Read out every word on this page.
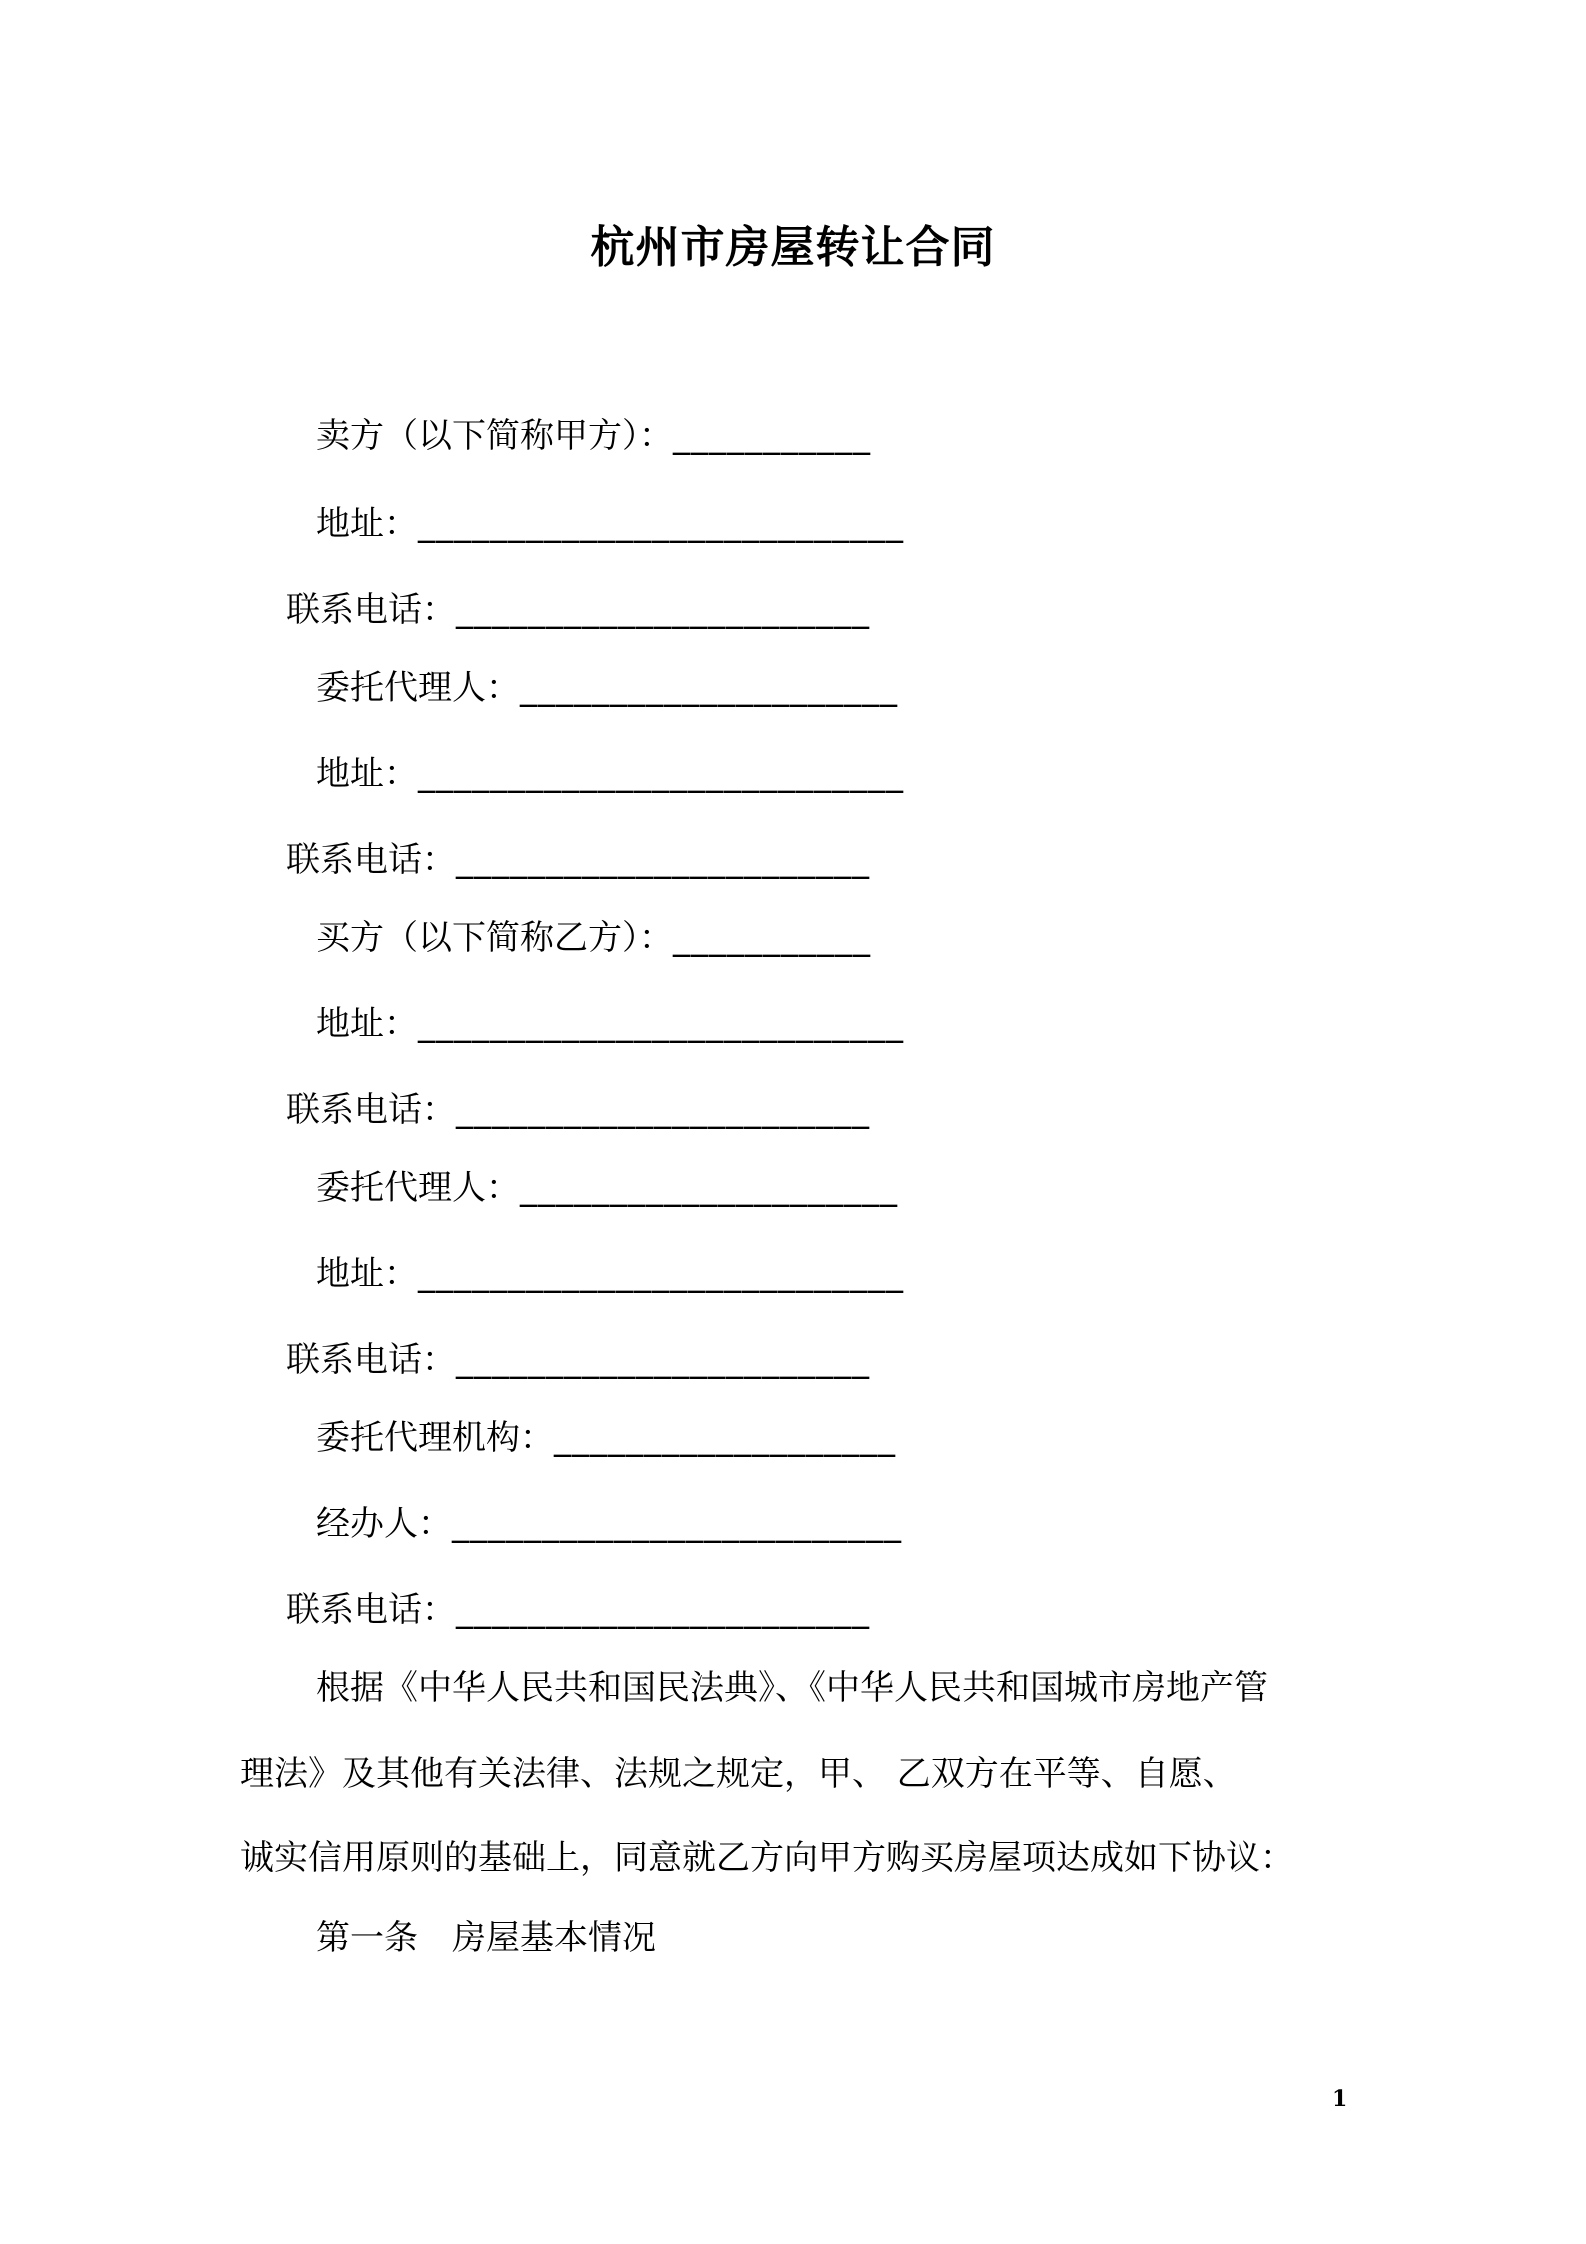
杭州市房屋转让合同
卖方（以下简称甲方）：___________
地址：___________________________
联系电话：_______________________
委托代理人：_____________________
地址：___________________________
联系电话：_______________________
买方（以下简称乙方）：___________
地址：___________________________
联系电话：_______________________
委托代理人：_____________________
地址：___________________________
联系电话：_______________________
委托代理机构：___________________
经办人：_________________________
联系电话：_______________________
根据《中华人民共和国民法典》、《中华人民共和国城市房地产管
理法》及其他有关法律、法规之规定，甲、 乙双方在平等、自愿、
诚实信用原则的基础上，同意就乙方向甲方购买房屋项达成如下协议：
第一条　房屋基本情况
1
